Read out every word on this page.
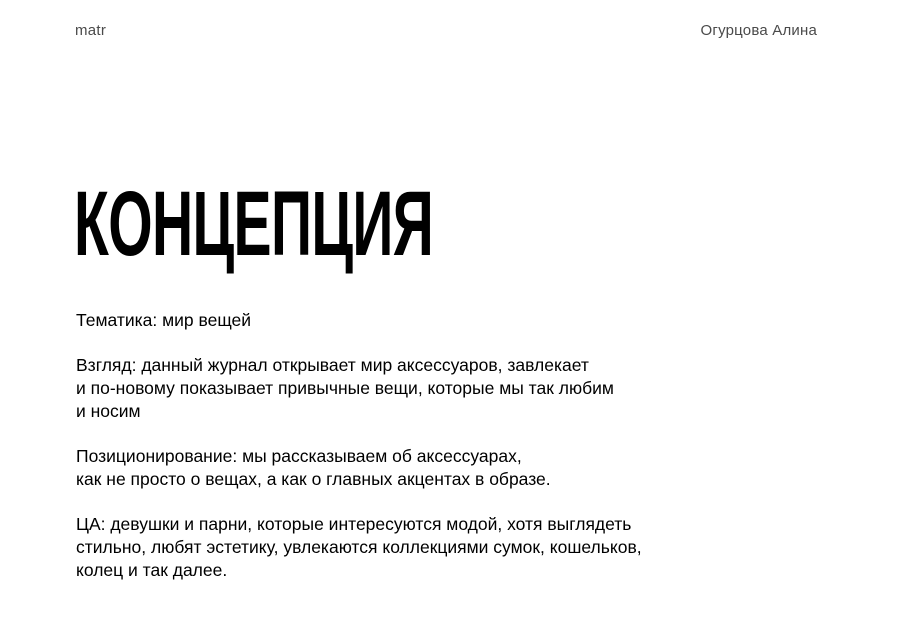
matr	Огурцова Алина
КОНЦЕПЦИЯ

Тематика: мир вещей

Взгляд: данный журнал открывает мир аксессуаров, завлекает
и по-новому показывает привычные вещи, которые мы так любим
и носим

Позиционирование: мы рассказываем об аксессуарах,
как не просто о вещах, а как о главных акцентах в образе.

ЦА: девушки и парни, которые интересуются модой, хотя выглядеть
стильно, любят эстетику, увлекаются коллекциями сумок, кошельков,
колец и так далее.
